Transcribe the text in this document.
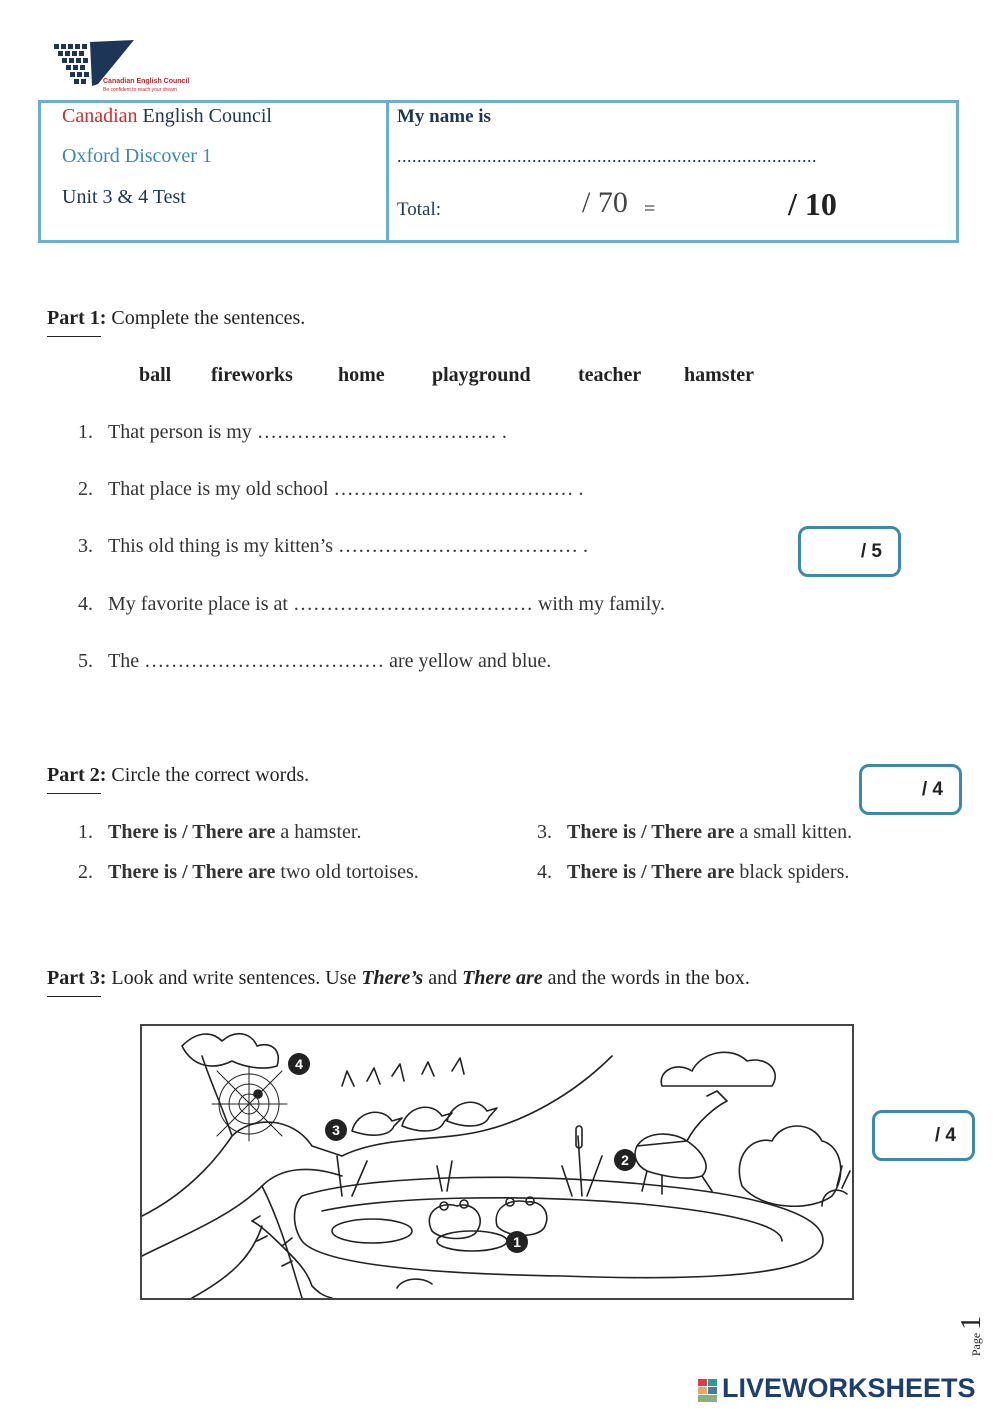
Canadian English Council
Be confident to reach your dream
Canadian English Council
Oxford Discover 1
Unit 3 & 4 Test
My name is
....................................................................................
Total:	/ 70 =	/ 10
Part 1: Complete the sentences.
ball fireworks home playground teacher hamster
1. That person is my ……………………………… .
2. That place is my old school ……………………………… .
3. This old thing is my kitten’s ……………………………… .
4. My favorite place is at ……………………………… with my family.
5. The ……………………………… are yellow and blue.
/ 5
Part 2: Circle the correct words.
/ 4
1. There is / There are a hamster.
2. There is / There are two old tortoises.
3. There is / There are a small kitten.
4. There is / There are black spiders.
Part 3: Look and write sentences. Use There’s and There are and the words in the box.
/ 4
1
2
3
4
Page 1
LIVEWORKSHEETS
